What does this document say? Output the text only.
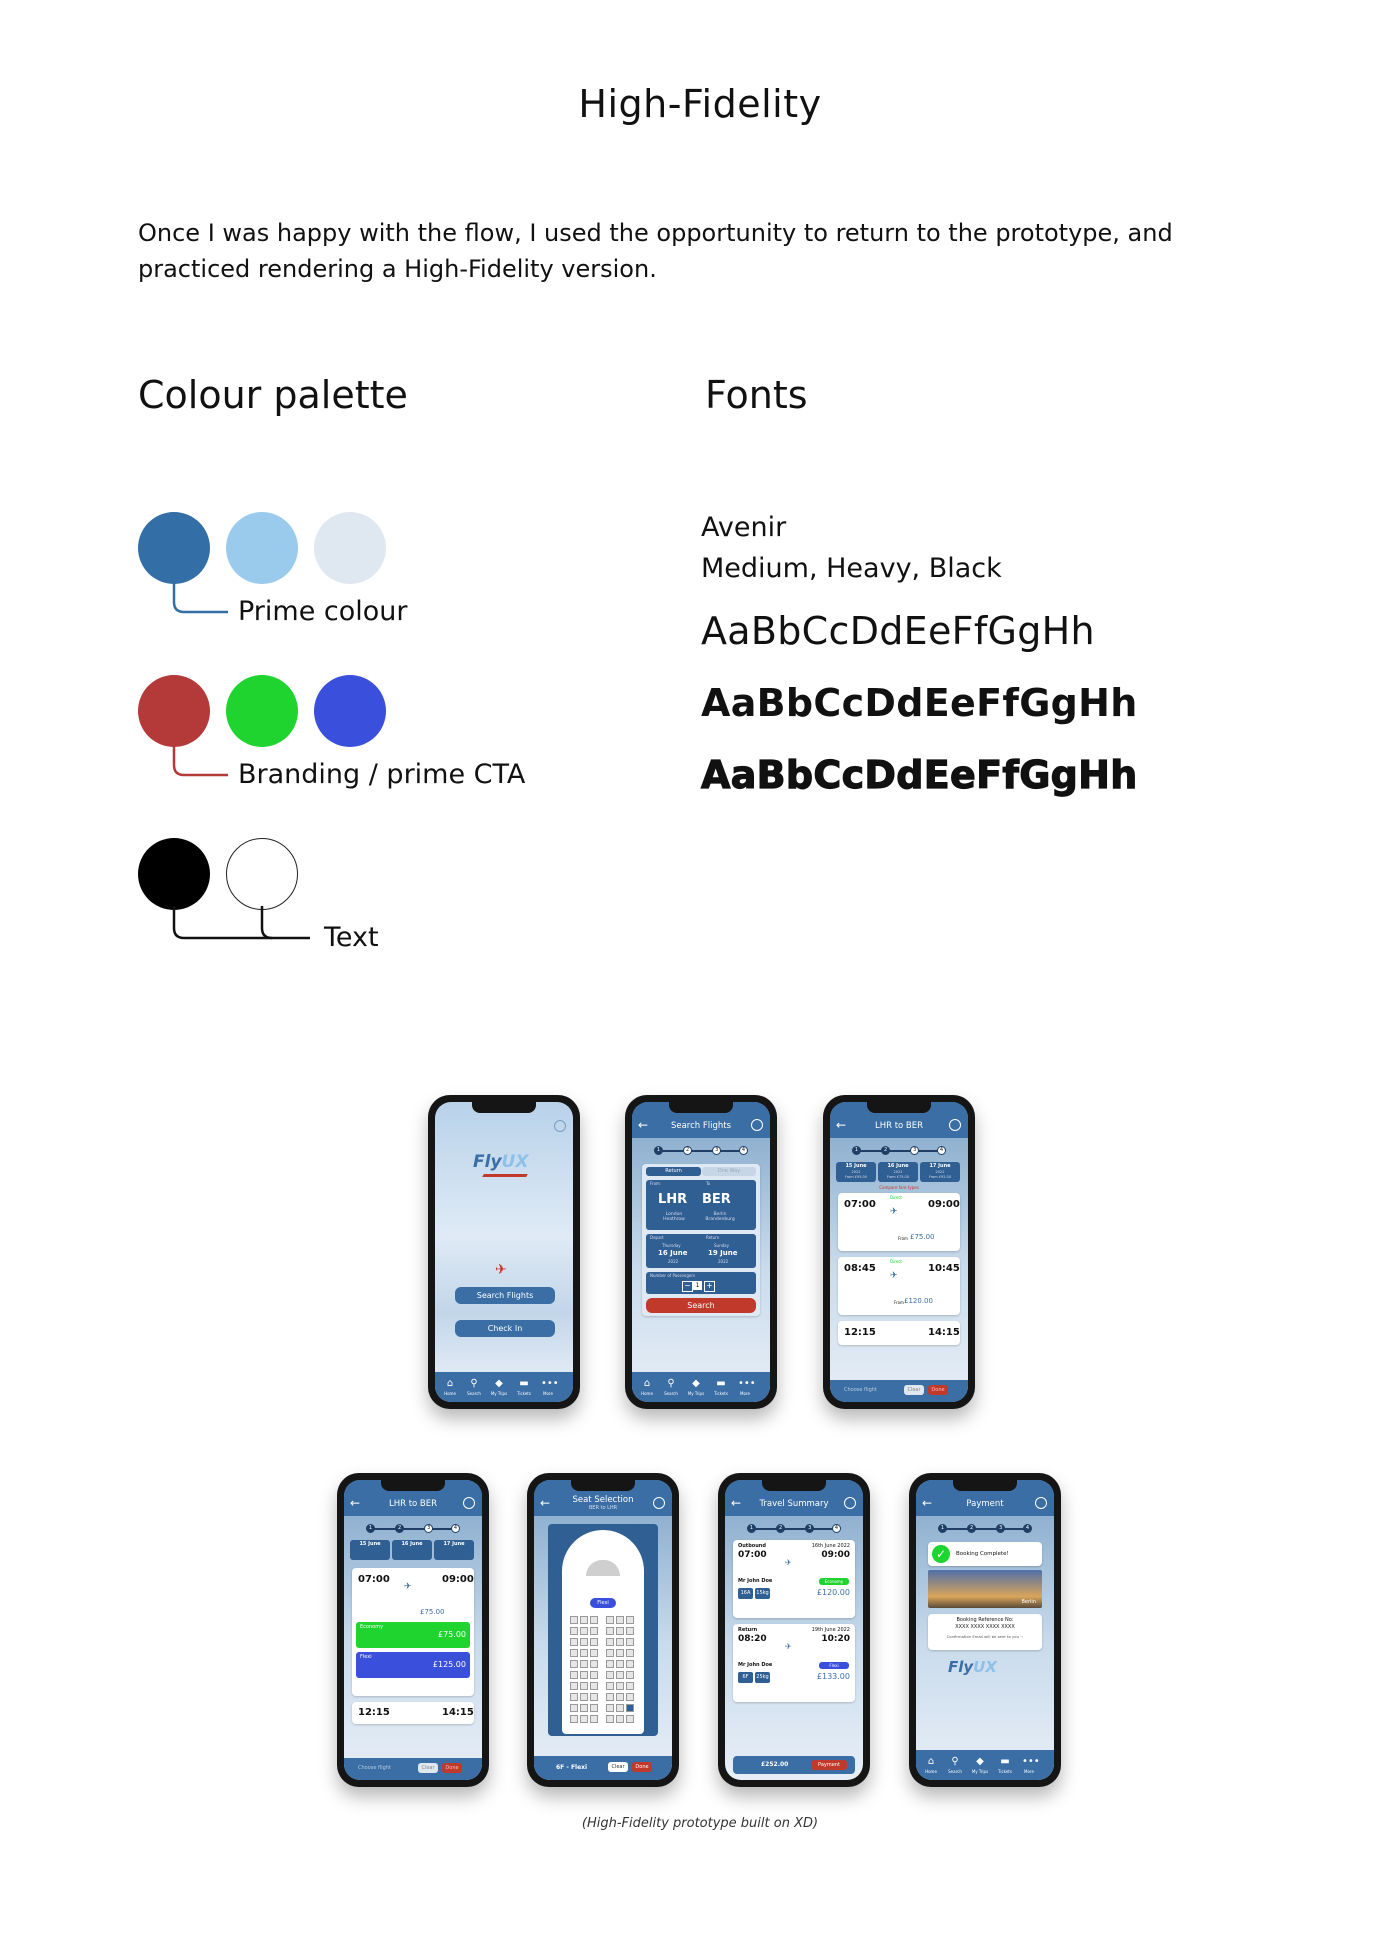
High-Fidelity

Once I was happy with the flow, I used the opportunity to return to the prototype, and
practiced rendering a High-Fidelity version.

Colour palette
Prime colour
Branding / prime CTA
Text
Fonts
Avenir
Medium, Heavy, Black
AaBbCcDdEeFfGgHh
AaBbCcDdEeFfGgHh
AaBbCcDdEeFfGgHh
FlyUX
✈
Search Flights
Check In
⌂	⚲	◆	▬ •••
Home	Search	My Trips	Tickets	More
←	Search Flights
1	2	3	4
Return	One Way
From	To
LHR BER
London Heathrow
Berlin Brandenburg
Depart	Return
Thursday	Sunday
16 June	19 June
2022	2022
Number of Passengers
− 1 +
Search
⌂	⚲	◆	▬ •••
Home	Search	My Trips	Tickets	More
←	LHR to BER
1	2	3	4
15 June
2022
From £95.00
16 June
2022
From £75.00
17 June
2022
From £92.00
Compare fare types
07:00	09:00
Direct
✈
From £75.00
08:45	10:45
Direct
✈
From £120.00
12:15	14:15
Choose flight	Clear	Done
←	LHR to BER
1	2	3	4
15 June	16 June	17 June
07:00	09:00
✈
£75.00
Economy
£75.00
Flexi
£125.00
12:15	14:15
Choose flight	Clear	Done
←	Seat Selection
BER to LHR
Flexi
6F - Flexi	Clear	Done
←	Travel Summary
1	2	3	4
Outbound	16th June 2022
07:00	09:00
✈
Mr John Doe	Economy
16A	15kg	£120.00
Return	19th June 2022
08:20	10:20
✈
Mr John Doe	Flexi
6F	25kg	£133.00
£252.00	Payment
←	Payment
1	2	3	4
✓	Booking Complete!
Berlin
Booking Reference No:
XXXX XXXX XXXX XXXX
Confirmation Email will be sent to you ~
FlyUX
⌂	⚲	◆	▬ •••
Home	Search	My Trips	Tickets	More
(High-Fidelity prototype built on XD)
